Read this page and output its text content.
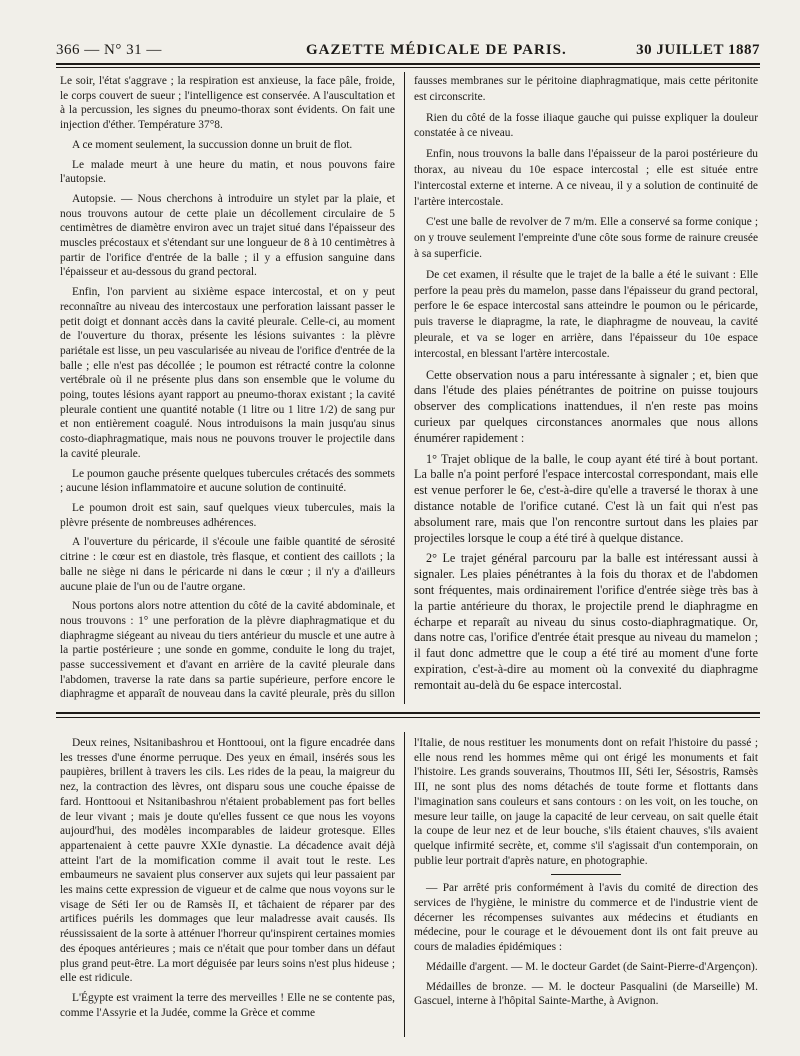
366 — N° 31 —	GAZETTE MÉDICALE DE PARIS.	30 JUILLET 1887

Le soir, l'état s'aggrave ; la respiration est anxieuse, la face pâle, froide, le corps couvert de sueur ; l'intelligence est conservée. A l'auscultation et à la percussion, les signes du pneumo-thorax sont évidents. On fait une injection d'éther. Température 37°8.

A ce moment seulement, la succussion donne un bruit de flot.

Le malade meurt à une heure du matin, et nous pouvons faire l'autopsie.

Autopsie. — Nous cherchons à introduire un stylet par la plaie, et nous trouvons autour de cette plaie un décollement circulaire de 5 centimètres de diamètre environ avec un trajet situé dans l'épaisseur des muscles précostaux et s'étendant sur une longueur de 8 à 10 centimètres à partir de l'orifice d'entrée de la balle ; il y a effusion sanguine dans l'épaisseur et au-dessous du grand pectoral.

Enfin, l'on parvient au sixième espace intercostal, et on y peut reconnaître au niveau des intercostaux une perforation laissant passer le petit doigt et donnant accès dans la cavité pleurale. Celle-ci, au moment de l'ouverture du thorax, présente les lésions suivantes : la plèvre pariétale est lisse, un peu vascularisée au niveau de l'orifice d'entrée de la balle ; elle n'est pas décollée ; le poumon est rétracté contre la colonne vertébrale où il ne présente plus dans son ensemble que le volume du poing, toutes lésions ayant rapport au pneumo-thorax existant ; la cavité pleurale contient une quantité notable (1 litre ou 1 litre 1/2) de sang pur et non entièrement coagulé. Nous introduisons la main jusqu'au sinus costo-diaphragmatique, mais nous ne pouvons trouver le projectile dans la cavité pleurale.

Le poumon gauche présente quelques tubercules crétacés des sommets ; aucune lésion inflammatoire et aucune solution de continuité.

Le poumon droit est sain, sauf quelques vieux tubercules, mais la plèvre présente de nombreuses adhérences.

A l'ouverture du péricarde, il s'écoule une faible quantité de sérosité citrine : le cœur est en diastole, très flasque, et contient des caillots ; la balle ne siège ni dans le péricarde ni dans le cœur ; il n'y a d'ailleurs aucune plaie de l'un ou de l'autre organe.

Nous portons alors notre attention du côté de la cavité abdominale, et nous trouvons : 1° une perforation de la plèvre diaphragmatique et du diaphragme siégeant au niveau du tiers antérieur du muscle et une autre à la partie postérieure ; une sonde en gomme, conduite le long du trajet, passe successivement et d'avant en arrière de la cavité pleurale dans l'abdomen, traverse la rate dans sa partie supérieure, perfore encore le diaphragme et apparaît de nouveau dans la cavité pleurale, près du sillon

fausses membranes sur le péritoine diaphragmatique, mais cette péritonite est circonscrite.

Rien du côté de la fosse iliaque gauche qui puisse expliquer la douleur constatée à ce niveau.

Enfin, nous trouvons la balle dans l'épaisseur de la paroi postérieure du thorax, au niveau du 10e espace intercostal ; elle est située entre l'intercostal externe et interne. A ce niveau, il y a solution de continuité de l'artère intercostale.

C'est une balle de revolver de 7 m/m. Elle a conservé sa forme conique ; on y trouve seulement l'empreinte d'une côte sous forme de rainure creusée à sa superficie.

De cet examen, il résulte que le trajet de la balle a été le suivant : Elle perfore la peau près du mamelon, passe dans l'épaisseur du grand pectoral, perfore le 6e espace intercostal sans atteindre le poumon ou le péricarde, puis traverse le diapragme, la rate, le diaphragme de nouveau, la cavité pleurale, et va se loger en arrière, dans l'épaisseur du 10e espace intercostal, en blessant l'artère intercostale.

Cette observation nous a paru intéressante à signaler ; et, bien que dans l'étude des plaies pénétrantes de poitrine on puisse toujours observer des complications inattendues, il n'en reste pas moins curieux par quelques circonstances anormales que nous allons énumérer rapidement :

1° Trajet oblique de la balle, le coup ayant été tiré à bout portant. La balle n'a point perforé l'espace intercostal correspondant, mais elle est venue perforer le 6e, c'est-à-dire qu'elle a traversé le thorax à une distance notable de l'orifice cutané. C'est là un fait qui n'est pas absolument rare, mais que l'on rencontre surtout dans les plaies par projectiles lorsque le coup a été tiré à quelque distance.

2° Le trajet général parcouru par la balle est intéressant aussi à signaler. Les plaies pénétrantes à la fois du thorax et de l'abdomen sont fréquentes, mais ordinairement l'orifice d'entrée siège très bas à la partie antérieure du thorax, le projectile prend le diaphragme en écharpe et reparaît au niveau du sinus costo-diaphragmatique. Or, dans notre cas, l'orifice d'entrée était presque au niveau du mamelon ; il faut donc admettre que le coup a été tiré au moment d'une forte expiration, c'est-à-dire au moment où la convexité du diaphragme remontait au-delà du 6e espace intercostal.

Deux reines, Nsitanibashrou et Honttooui, ont la figure encadrée dans les tresses d'une énorme perruque. Des yeux en émail, insérés sous les paupières, brillent à travers les cils. Les rides de la peau, la maigreur du nez, la contraction des lèvres, ont disparu sous une couche épaisse de fard. Honttooui et Nsitanibashrou n'étaient probablement pas fort belles de leur vivant ; mais je doute qu'elles fussent ce que nous les voyons aujourd'hui, des modèles incomparables de laideur grotesque. Elles appartenaient à cette pauvre XXIe dynastie. La décadence avait déjà atteint l'art de la momification comme il avait tout le reste. Les embaumeurs ne savaient plus conserver aux sujets qui leur passaient par les mains cette expression de vigueur et de calme que nous voyons sur le visage de Séti Ier ou de Ramsès II, et tâchaient de réparer par des artifices puérils les dommages que leur maladresse avait causés. Ils réussissaient de la sorte à atténuer l'horreur qu'inspirent certaines momies des époques antérieures ; mais ce n'était que pour tomber dans un défaut plus grand peut-être. La mort déguisée par leurs soins n'est plus hideuse ; elle est ridicule.

L'Égypte est vraiment la terre des merveilles ! Elle ne se contente pas, comme l'Assyrie et la Judée, comme la Grèce et comme

l'Italie, de nous restituer les monuments dont on refait l'histoire du passé ; elle nous rend les hommes même qui ont érigé les monuments et fait l'histoire. Les grands souverains, Thoutmos III, Séti Ier, Sésostris, Ramsès III, ne sont plus des noms détachés de toute forme et flottants dans l'imagination sans couleurs et sans contours : on les voit, on les touche, on mesure leur taille, on jauge la capacité de leur cerveau, on sait quelle était la coupe de leur nez et de leur bouche, s'ils étaient chauves, s'ils avaient quelque infirmité secrète, et, comme s'il s'agissait d'un contemporain, on publie leur portrait d'après nature, en photographie.

— Par arrêté pris conformément à l'avis du comité de direction des services de l'hygiène, le ministre du commerce et de l'industrie vient de décerner les récompenses suivantes aux médecins et étudiants en médecine, pour le courage et le dévouement dont ils ont fait preuve au cours de maladies épidémiques :

Médaille d'argent. — M. le docteur Gardet (de Saint-Pierre-d'Argençon).

Médailles de bronze. — M. le docteur Pasqualini (de Marseille) M. Gascuel, interne à l'hôpital Sainte-Marthe, à Avignon.
